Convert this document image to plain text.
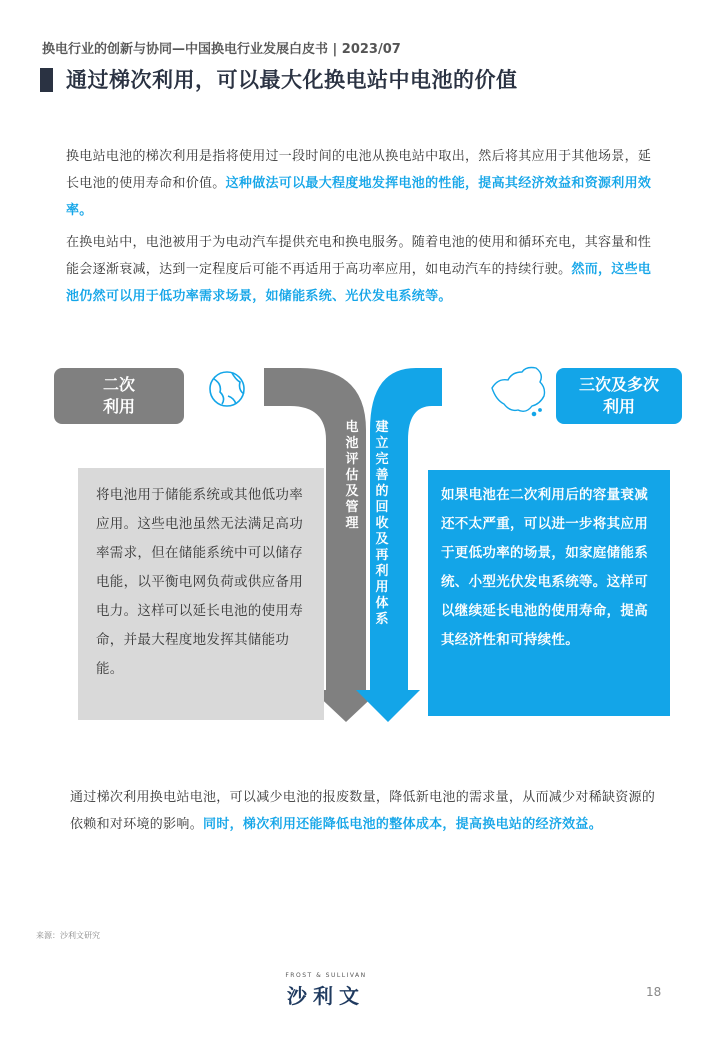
换电行业的创新与协同—中国换电行业发展白皮书 | 2023/07
通过梯次利用，可以最大化换电站中电池的价值
换电站电池的梯次利用是指将使用过一段时间的电池从换电站中取出，然后将其应用于其他场景，延长电池的使用寿命和价值。这种做法可以最大程度地发挥电池的性能，提高其经济效益和资源利用效率。
在换电站中，电池被用于为电动汽车提供充电和换电服务。随着电池的使用和循环充电，其容量和性能会逐渐衰减，达到一定程度后可能不再适用于高功率应用，如电动汽车的持续行驶。然而，这些电池仍然可以用于低功率需求场景，如储能系统、光伏发电系统等。
二次
利用
三次及多次
利用
电池评估及管理
建立完善的回收及再利用体系
将电池用于储能系统或其他低功率应用。这些电池虽然无法满足高功率需求，但在储能系统中可以储存电能，以平衡电网负荷或供应备用电力。这样可以延长电池的使用寿命，并最大程度地发挥其储能功能。
如果电池在二次利用后的容量衰减还不太严重，可以进一步将其应用于更低功率的场景，如家庭储能系统、小型光伏发电系统等。这样可以继续延长电池的使用寿命，提高其经济性和可持续性。
通过梯次利用换电站电池，可以减少电池的报废数量，降低新电池的需求量，从而减少对稀缺资源的依赖和对环境的影响。同时，梯次利用还能降低电池的整体成本，提高换电站的经济效益。
来源：沙利文研究
FROST & SULLIVAN
沙利文	18
